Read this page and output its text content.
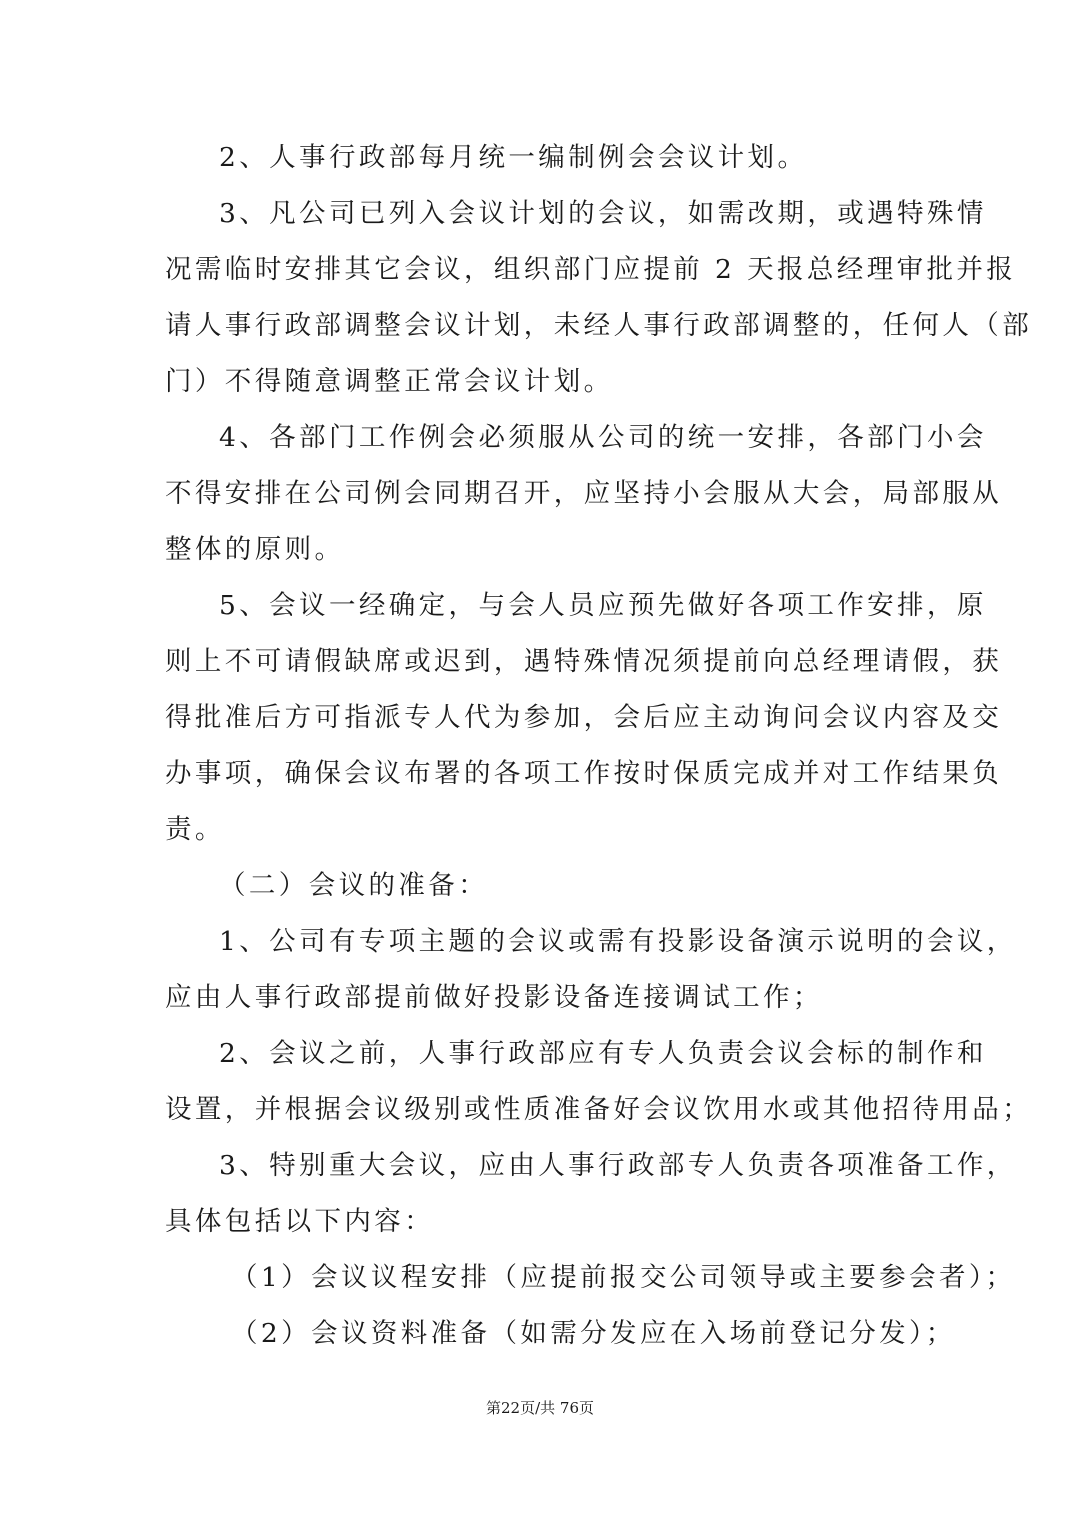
2、人事行政部每月统一编制例会会议计划。
3、凡公司已列入会议计划的会议，如需改期，或遇特殊情
况需临时安排其它会议，组织部门应提前 2 天报总经理审批并报
请人事行政部调整会议计划，未经人事行政部调整的，任何人（部
门）不得随意调整正常会议计划。
4、各部门工作例会必须服从公司的统一安排，各部门小会
不得安排在公司例会同期召开，应坚持小会服从大会，局部服从
整体的原则。
5、会议一经确定，与会人员应预先做好各项工作安排，原
则上不可请假缺席或迟到，遇特殊情况须提前向总经理请假，获
得批准后方可指派专人代为参加，会后应主动询问会议内容及交
办事项，确保会议布署的各项工作按时保质完成并对工作结果负
责。
（二）会议的准备：
1、公司有专项主题的会议或需有投影设备演示说明的会议，
应由人事行政部提前做好投影设备连接调试工作；
2、会议之前，人事行政部应有专人负责会议会标的制作和
设置，并根据会议级别或性质准备好会议饮用水或其他招待用品；
3、特别重大会议，应由人事行政部专人负责各项准备工作，
具体包括以下内容：
（1）会议议程安排（应提前报交公司领导或主要参会者）；
（2）会议资料准备（如需分发应在入场前登记分发）；
第22页/共 76页
